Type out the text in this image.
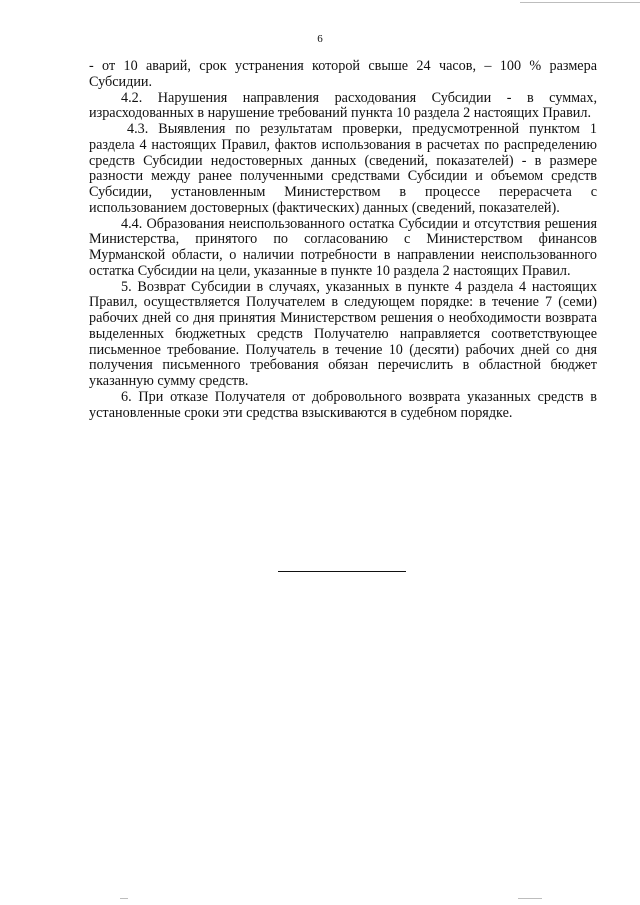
6

- от 10 аварий, срок устранения которой свыше 24 часов, – 100 % размера Субсидии.

4.2. Нарушения направления расходования Субсидии - в суммах, израсходованных в нарушение требований пункта 10 раздела 2 настоящих Правил.

4.3. Выявления по результатам проверки, предусмотренной пунктом 1 раздела 4 настоящих Правил, фактов использования в расчетах по распределению средств Субсидии недостоверных данных (сведений, показателей) - в размере разности между ранее полученными средствами Субсидии и объемом средств Субсидии, установленным Министерством в процессе перерасчета с использованием достоверных (фактических) данных (сведений, показателей).

4.4. Образования неиспользованного остатка Субсидии и отсутствия решения Министерства, принятого по согласованию с Министерством финансов Мурманской области, о наличии потребности в направлении неиспользованного остатка Субсидии на цели, указанные в пункте 10 раздела 2 настоящих Правил.

5. Возврат Субсидии в случаях, указанных в пункте 4 раздела 4 настоящих Правил, осуществляется Получателем в следующем порядке: в течение 7 (семи) рабочих дней со дня принятия Министерством решения о необходимости возврата выделенных бюджетных средств Получателю направляется соответствующее письменное требование. Получатель в течение 10 (десяти) рабочих дней со дня получения письменного требования обязан перечислить в областной бюджет указанную сумму средств.

6. При отказе Получателя от добровольного возврата указанных средств в установленные сроки эти средства взыскиваются в судебном порядке.
